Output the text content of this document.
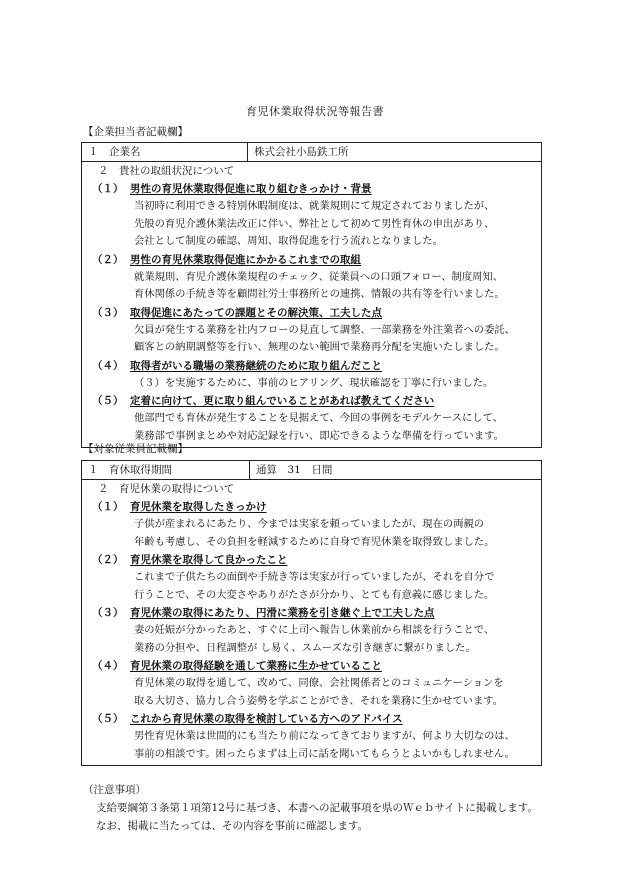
育児休業取得状況等報告書
【企業担当者記載欄】
１　企業名	株式会社小島鉄工所

２　貴社の取組状況について
（１） 男性の育児休業取得促進に取り組むきっかけ・背景
当初時に利用できる特別休暇制度は、就業規則にて規定されておりましたが、
先般の育児介護休業法改正に伴い、弊社として初めて男性育休の申出があり、
会社として制度の確認、周知、取得促進を行う流れとなりました。
（２） 男性の育児休業取得促進にかかるこれまでの取組
就業規則、育児介護休業規程のチェック、従業員への口頭フォロー、制度周知、
育休関係の手続き等を顧問社労士事務所との連携、情報の共有等を行いました。
（３） 取得促進にあたっての課題とその解決策、工夫した点
欠員が発生する業務を社内フローの見直して調整、一部業務を外注業者への委託、
顧客との納期調整等を行い、無理のない範囲で業務再分配を実施いたしました。
（４） 取得者がいる職場の業務継続のために取り組んだこと
（３）を実施するために、事前のヒアリング、現状確認を丁寧に行いました。
（５） 定着に向けて、更に取り組んでいることがあれば教えてください
他部門でも育休が発生することを見据えて、今回の事例をモデルケースにして、
業務部で事例まとめや対応記録を行い、即応できるような準備を行っています。
【対象従業員記載欄】
１　育休取得期間	通算　31　日間

２　育児休業の取得について
（１） 育児休業を取得したきっかけ
子供が産まれるにあたり、今までは実家を頼っていましたが、現在の両親の
年齢も考慮し、その負担を軽減するために自身で育児休業を取得致しました。
（２） 育児休業を取得して良かったこと
これまで子供たちの面倒や手続き等は実家が行っていましたが、それを自分で
行うことで、その大変さやありがたさが分かり、とても有意義に感じました。
（３） 育児休業の取得にあたり、円滑に業務を引き継ぐ上で工夫した点
妻の妊娠が分かったあと、すぐに上司へ報告し休業前から相談を行うことで、
業務の分担や、日程調整が し易く、スムーズな引き継ぎに繋がりました。
（４） 育児休業の取得経験を通して業務に生かせていること
育児休業の取得を通して、改めて、同僚、会社関係者とのコミュニケーションを
取る大切さ、協力し合う姿勢を学ぶことができ、それを業務に生かせています。
（５） これから育児休業の取得を検討している方へのアドバイス
男性育児休業は世間的にも当たり前になってきておりますが、何より大切なのは、
事前の相談です。困ったらまずは上司に話を聞いてもらうとよいかもしれません。
（注意事項）
支給要綱第３条第１項第12号に基づき、本書への記載事項を県のＷｅｂサイトに掲載します。
なお、掲載に当たっては、その内容を事前に確認します。
